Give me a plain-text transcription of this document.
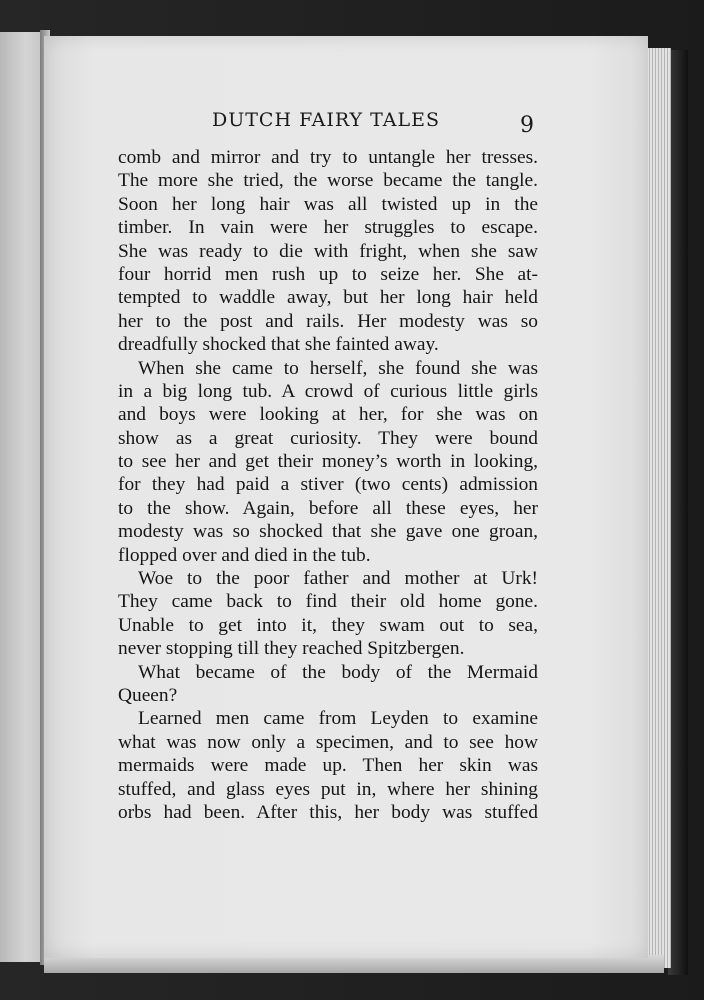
DUTCH FAIRY TALES	9
comb and mirror and try to untangle her tresses.
The more she tried, the worse became the tangle.
Soon her long hair was all twisted up in the
timber. In vain were her struggles to escape.
She was ready to die with fright, when she saw
four horrid men rush up to seize her. She at-
tempted to waddle away, but her long hair held
her to the post and rails. Her modesty was so
dreadfully shocked that she fainted away.
When she came to herself, she found she was
in a big long tub. A crowd of curious little girls
and boys were looking at her, for she was on
show as a great curiosity. They were bound
to see her and get their money’s worth in looking,
for they had paid a stiver (two cents) admission
to the show. Again, before all these eyes, her
modesty was so shocked that she gave one groan,
flopped over and died in the tub.
Woe to the poor father and mother at Urk!
They came back to find their old home gone.
Unable to get into it, they swam out to sea,
never stopping till they reached Spitzbergen.
What became of the body of the Mermaid
Queen?
Learned men came from Leyden to examine
what was now only a specimen, and to see how
mermaids were made up. Then her skin was
stuffed, and glass eyes put in, where her shining
orbs had been. After this, her body was stuffed
